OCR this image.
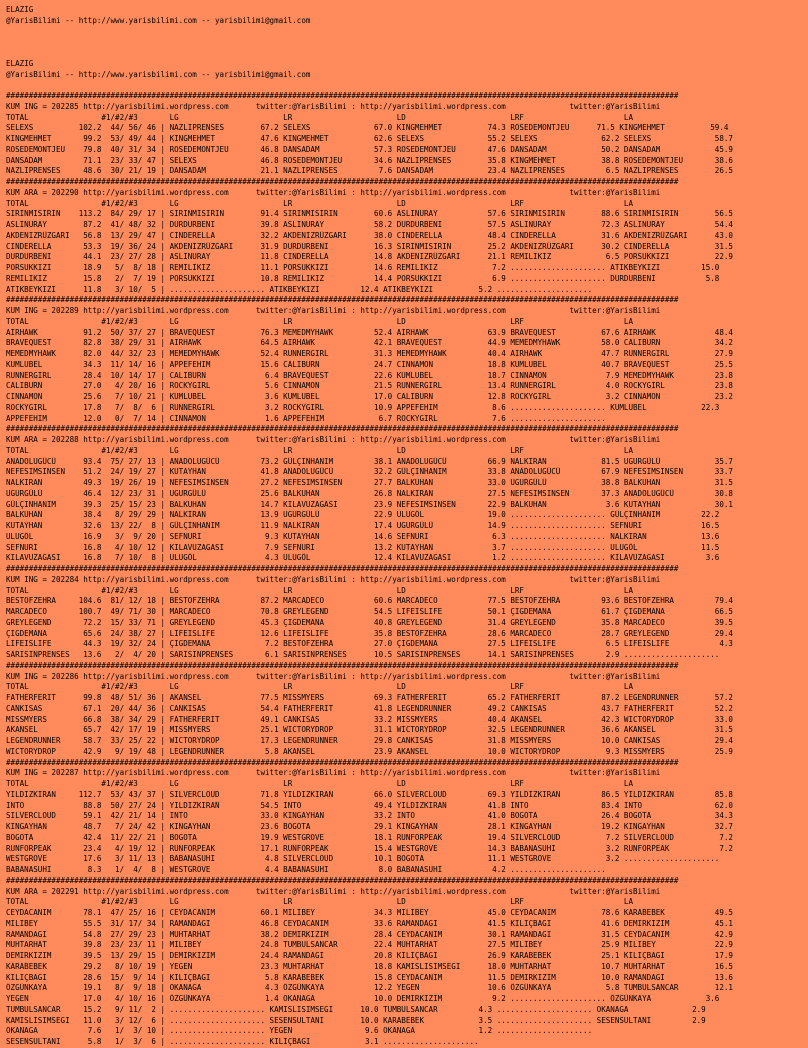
ELAZIG
@YarisBilimi -- http://www.yarisbilimi.com -- yarisbilimi@gmail.com
ELAZIG
@YarisBilimi -- http://www.yarisbilimi.com -- yarisbilimi@gmail.com
####################################################################################################################################################
KUM ING = 202285 http://yarisbilimi.wordpress.com      twitter:@YarisBilimi : http://yarisbilimi.wordpress.com              twitter:@YarisBilimi
TOTAL                #1/#2/#3       LG                       LR                       LD                       LRF                      LA
SELEXS          102.2  44/ 56/ 46 | NAZLIPRENSES        67.2 SELEXS              67.0 KINGMEHMET          74.3 ROSEDEMONTJEU      71.5 KINGMEHMET          59.4
KINGMEHMET       99.2  53/ 49/ 44 | KINGMEHMET          47.6 KINGMEHMET          62.6 SELEXS              55.2 SELEXS              62.2 SELEXS              58.7
ROSEDEMONTJEU    79.8  40/ 31/ 34 | ROSEDEMONTJEU       46.8 DANSADAM            57.3 ROSEDEMONTJEU       47.6 DANSADAM            50.2 DANSADAM            45.9
DANSADAM         71.1  23/ 33/ 47 | SELEXS              46.8 ROSEDEMONTJEU       34.6 NAZLIPRENSES        35.8 KINGMEHMET          38.8 ROSEDEMONTJEU       38.6
NAZLIPRENSES     48.6  30/ 21/ 19 | DANSADAM            21.1 NAZLIPRENSES         7.6 DANSADAM            23.4 NAZLIPRENSES         6.5 NAZLIPRENSES        26.5
####################################################################################################################################################
KUM ARA = 202290 http://yarisbilimi.wordpress.com      twitter:@YarisBilimi : http://yarisbilimi.wordpress.com              twitter:@YarisBilimi
TOTAL                #1/#2/#3       LG                       LR                       LD                       LRF                      LA
SIRINMISIRIN    113.2  84/ 29/ 17 | SIRINMISIRIN        91.4 SIRINMISIRIN        60.6 ASLINURAY           57.6 SIRINMISIRIN        88.6 SIRINMISIRIN        56.5
ASLINURAY        87.2  41/ 48/ 32 | DURDURBENI          39.8 ASLINURAY           58.2 DURDURBENI          57.5 ASLINURAY           72.3 ASLINURAY           54.4
AKDENIZRÜZGARI   56.8  13/ 29/ 47 | CINDERELLA          32.2 AKDENIZRÜZGARI      38.0 CINDERELLA          48.4 CINDERELLA          31.6 AKDENIZRÜZGARI      43.0
CINDERELLA       53.3  19/ 36/ 24 | AKDENIZRÜZGARI      31.9 DURDURBENI          16.3 SIRINMISIRIN        25.2 AKDENIZRÜZGARI      30.2 CINDERELLA          31.5
DURDURBENI       44.1  23/ 27/ 28 | ASLINURAY           11.8 CINDERELLA          14.8 AKDENIZRÜZGARI      21.1 REMILIKIZ            6.5 PORSUKKIZI          22.9
PORSUKKIZI       18.9   5/  8/ 18 | REMILIKIZ           11.1 PORSUKKIZI          14.6 REMILIKIZ            7.2 ..................... ATIKBEYKIZI         15.0
REMILIKIZ        15.8   2/  7/ 19 | PORSUKKIZI          10.8 REMILIKIZ           14.4 PORSUKKIZI           6.9 ..................... DURDURBENI           5.8
ATIKBEYKIZI      11.8   3/ 10/  5 | ..................... ATIKBEYKIZI         12.4 ATIKBEYKIZI          5.2 .....................
####################################################################################################################################################
KUM ING = 202289 http://yarisbilimi.wordpress.com      twitter:@YarisBilimi : http://yarisbilimi.wordpress.com              twitter:@YarisBilimi
TOTAL                #1/#2/#3       LG                       LR                       LD                       LRF                      LA
AIRHAWK          91.2  50/ 37/ 27 | BRAVEQUEST          76.3 MEMEDMYHAWK         52.4 AIRHAWK             63.9 BRAVEQUEST          67.6 AIRHAWK             48.4
BRAVEQUEST       82.8  38/ 29/ 31 | AIRHAWK             64.5 AIRHAWK             42.1 BRAVEQUEST          44.9 MEMEDMYHAWK         58.0 CALIBURN            34.2
MEMEDMYHAWK      82.0  44/ 32/ 23 | MEMEDMYHAWK         52.4 RUNNERGIRL          31.3 MEMEDMYHAWK         40.4 AIRHAWK             47.7 RUNNERGIRL          27.9
KUMLUBEL         34.3  11/ 14/ 16 | APPEFEHIM           15.6 CALIBURN            24.7 CINNAMON            18.8 KUMLUBEL            40.7 BRAVEQUEST          25.5
RUNNERGIRL       28.4  10/ 14/ 17 | CALIBURN             6.4 BRAVEQUEST          22.6 KUMLUBEL            18.7 CINNAMON             7.9 MEMEDMYHAWK         23.8
CALIBURN         27.0   4/ 20/ 16 | ROCKYGIRL            5.6 CINNAMON            21.5 RUNNERGIRL          13.4 RUNNERGIRL           4.0 ROCKYGIRL           23.8
CINNAMON         25.6   7/ 10/ 21 | KUMLUBEL             3.6 KUMLUBEL            17.0 CALIBURN            12.8 ROCKYGIRL            3.2 CINNAMON            23.2
ROCKYGIRL        17.8   7/  8/  6 | RUNNERGIRL           3.2 ROCKYGIRL           10.9 APPEFEHIM            8.6 ..................... KUMLUBEL            22.3
APPEFEHIM        12.0   0/  7/ 14 | CINNAMON             1.6 APPEFEHIM            6.7 ROCKYGIRL            7.6 .....................
####################################################################################################################################################
KUM ARA = 202288 http://yarisbilimi.wordpress.com      twitter:@YarisBilimi : http://yarisbilimi.wordpress.com              twitter:@YarisBilimi
TOTAL                #1/#2/#3       LG                       LR                       LD                       LRF                      LA
ANADOLUGÜCÜ      93.4  75/ 27/ 13 | ANADOLUGÜCÜ         73.2 GÜLÇINHANIM         38.1 ANADOLUGÜCÜ         66.9 NALKIRAN            81.5 UGURGÜLÜ            35.7
NEFESIMSINSEN    51.2  24/ 19/ 27 | KUTAYHAN            41.8 ANADOLUGÜCÜ         32.2 GÜLÇINHANIM         33.8 ANADOLUGÜCÜ         67.9 NEFESIMSINSEN       33.7
NALKIRAN         49.3  19/ 26/ 19 | NEFESIMSINSEN       27.2 NEFESIMSINSEN       27.7 BALKUHAN            33.0 UGURGÜLÜ            38.8 BALKUHAN            31.5
UGURGÜLÜ         46.4  12/ 23/ 31 | UGURGÜLÜ            25.6 BALKUHAN            26.8 NALKIRAN            27.5 NEFESIMSINSEN       37.3 ANADOLUGÜCÜ         30.8
GÜLÇINHANIM      39.3  25/ 15/ 23 | BALKUHAN            14.7 KILAVUZAGASI        23.9 NEFESIMSINSEN       22.9 BALKUHAN             3.6 KUTAYHAN            30.1
BALKUHAN         38.4   8/ 29/ 29 | NALKIRAN            13.9 UGURGÜLÜ            22.9 ULUGÖL              19.0 ..................... GÜLÇINHANIM         22.2
KUTAYHAN         32.6  13/ 22/  8 | GÜLÇINHANIM         11.9 NALKIRAN            17.4 UGURGÜLÜ            14.9 ..................... SEFNURI             16.5
ULUGÖL           16.9   3/  9/ 20 | SEFNURI              9.3 KUTAYHAN            14.6 SEFNURI              6.3 ..................... NALKIRAN            13.6
SEFNURI          16.8   4/ 10/ 12 | KILAVUZAGASI         7.9 SEFNURI             13.2 KUTAYHAN             3.7 ..................... ULUGÖL              11.5
KILAVUZAGASI     16.8   7/ 10/  8 | ULUGÖL               4.3 ULUGÖL              12.4 KILAVUZAGASI         1.2 ..................... KILAVUZAGASI         3.6
####################################################################################################################################################
KUM ING = 202284 http://yarisbilimi.wordpress.com      twitter:@YarisBilimi : http://yarisbilimi.wordpress.com              twitter:@YarisBilimi
TOTAL                #1/#2/#3       LG                       LR                       LD                       LRF                      LA
BESTOFZEHRA     104.6  81/ 12/ 18 | BESTOFZEHRA         87.2 MARCADECO           60.6 MARCADECO           77.5 BESTOFZEHRA         93.6 BESTOFZEHRA         79.4
MARCADECO       100.7  49/ 71/ 30 | MARCADECO           70.8 GREYLEGEND          54.5 LIFEISLIFE          50.1 ÇIGDEMANA           61.7 ÇIGDEMANA           66.5
GREYLEGEND       72.2  15/ 33/ 71 | GREYLEGEND          45.3 ÇIGDEMANA           40.8 GREYLEGEND          31.4 GREYLEGEND          35.8 MARCADECO           39.5
ÇIGDEMANA        65.6  24/ 38/ 27 | LIFEISLIFE          12.6 LIFEISLIFE          35.8 BESTOFZEHRA         28.6 MARCADECO           28.7 GREYLEGEND          29.4
LIFEISLIFE       44.3  19/ 32/ 24 | ÇIGDEMANA            7.2 BESTOFZEHRA         27.0 ÇIGDEMANA           27.5 LIFEISLIFE           6.5 LIFEISLIFE           4.3
SARISINPRENSES   13.6   2/  4/ 20 | SARISINPRENSES       6.1 SARISINPRENSES      10.5 SARISINPRENSES      14.1 SARISINPRENSES       2.9 .....................
####################################################################################################################################################
KUM ING = 202286 http://yarisbilimi.wordpress.com      twitter:@YarisBilimi : http://yarisbilimi.wordpress.com              twitter:@YarisBilimi
TOTAL                #1/#2/#3       LG                       LR                       LD                       LRF                      LA
FATHERFERIT      99.8  48/ 51/ 36 | AKANSEL             77.5 MISSMYERS           69.3 FATHERFERIT         65.2 FATHERFERIT         87.2 LEGENDRUNNER        57.2
CANKISAS         67.1  20/ 44/ 36 | CANKISAS            54.4 FATHERFERIT         41.8 LEGENDRUNNER        49.2 CANKISAS            43.7 FATHERFERIT         52.2
MISSMYERS        66.8  38/ 34/ 29 | FATHERFERIT         49.1 CANKISAS            33.2 MISSMYERS           40.4 AKANSEL             42.3 WICTORYDROP         33.0
AKANSEL          65.7  42/ 17/ 19 | MISSMYERS           25.1 WICTORYDROP         31.1 WICTORYDROP         32.5 LEGENDRUNNER        36.6 AKANSEL             31.5
LEGENDRUNNER     58.7  33/ 25/ 22 | WICTORYDROP         17.3 LEGENDRUNNER        29.8 CANKISAS            31.8 MISSMYERS           10.0 CANKISAS            29.4
WICTORYDROP      42.9   9/ 19/ 48 | LEGENDRUNNER         5.8 AKANSEL             23.9 AKANSEL             10.0 WICTORYDROP          9.3 MISSMYERS           25.9
####################################################################################################################################################
KUM ING = 202287 http://yarisbilimi.wordpress.com      twitter:@YarisBilimi : http://yarisbilimi.wordpress.com              twitter:@YarisBilimi
TOTAL                #1/#2/#3       LG                       LR                       LD                       LRF                      LA
YILDIZKIRAN     112.7  53/ 43/ 37 | SILVERCLOUD         71.8 YILDIZKIRAN         66.0 SILVERCLOUD         69.3 YILDIZKIRAN         86.5 YILDIZKIRAN         85.8
INTO             88.8  50/ 27/ 24 | YILDIZKIRAN         54.5 INTO                49.4 YILDIZKIRAN         41.8 INTO                83.4 INTO                62.0
SILVERCLOUD      59.1  42/ 21/ 14 | INTO                33.0 KINGAYHAN           33.2 INTO                41.0 BOGOTA              26.4 BOGOTA              34.3
KINGAYHAN        48.7   7/ 24/ 42 | KINGAYHAN           23.6 BOGOTA              29.1 KINGAYHAN           28.1 KINGAYHAN           19.2 KINGAYHAN           32.7
BOGOTA           42.4  11/ 22/ 21 | BOGOTA              19.9 WESTGROVE           18.1 RUNFORPEAK          19.4 SILVERCLOUD          7.2 SILVERCLOUD          7.2
RUNFORPEAK       23.4   4/ 19/ 12 | RUNFORPEAK          17.1 RUNFORPEAK          15.4 WESTGROVE           14.3 BABANASUHI           3.2 RUNFORPEAK           7.2
WESTGROVE        17.6   3/ 11/ 13 | BABANASUHI           4.8 SILVERCLOUD         10.1 BOGOTA              11.1 WESTGROVE            3.2 .....................
BABANASUHI        8.3   1/  4/  8 | WESTGROVE            4.4 BABANASUHI           8.0 BABANASUHI           4.2 .....................
####################################################################################################################################################
KUM ARA = 202291 http://yarisbilimi.wordpress.com      twitter:@YarisBilimi : http://yarisbilimi.wordpress.com              twitter:@YarisBilimi
TOTAL                #1/#2/#3       LG                       LR                       LD                       LRF                      LA
CEYDACANIM       78.1  47/ 25/ 16 | CEYDACANIM          60.1 MILIBEY             34.3 MILIBEY             45.0 CEYDACANIM          78.6 KARABEBEK           49.5
MILIBEY          55.5  31/ 17/ 34 | RAMANDAGI           46.8 CEYDACANIM          33.6 RAMANDAGI           41.5 KILIÇBAGI           41.6 DEMIRKIZIM          45.1
RAMANDAGI        54.8  27/ 29/ 23 | MUHTARHAT           38.2 DEMIRKIZIM          28.4 CEYDACANIM          30.1 RAMANDAGI           31.5 CEYDACANIM          42.9
MUHTARHAT        39.8  23/ 23/ 11 | MILIBEY             24.8 TUMBULSANCAR        22.4 MUHTARHAT           27.5 MILIBEY             25.9 MILIBEY             22.9
DEMIRKIZIM       39.5  13/ 29/ 15 | DEMIRKIZIM          24.4 RAMANDAGI           20.8 KILIÇBAGI           26.9 KARABEBEK           25.1 KILIÇBAGI           17.9
KARABEBEK        29.2   8/ 10/ 19 | YEGEN               23.3 MUHTARHAT           18.8 KAMISLISIMSEGI      18.0 MUHTARHAT           10.7 MUHTARHAT           16.5
KILIÇBAGI        28.6  15/  9/ 14 | KILIÇBAGI            5.8 KARABEBEK           15.8 CEYDACANIM          11.5 DEMIRKIZIM          10.0 RAMANDAGI           13.6
ÖZGÜNKAYA        19.1   8/  9/ 18 | OKANAGA              4.3 ÖZGÜNKAYA           12.2 YEGEN               10.6 ÖZGÜNKAYA            5.8 TUMBULSANCAR        12.1
YEGEN            17.0   4/ 10/ 16 | ÖZGÜNKAYA            1.4 OKANAGA             10.0 DEMIRKIZIM           9.2 ..................... ÖZGÜNKAYA            3.6
TUMBULSANCAR     15.2   9/ 11/  2 | ..................... KAMISLISIMSEGI      10.0 TUMBULSANCAR         4.3 ..................... OKANAGA              2.9
KAMISLISIMSEGI   11.0   3/ 12/  6 | ..................... SESENSULTANI        10.0 KARABEBEK            3.5 ..................... SESENSULTANI         2.9
OKANAGA           7.6   1/  3/ 10 | ..................... YEGEN                9.6 OKANAGA              1.2 .....................
SESENSULTANI      5.8   1/  3/  6 | ..................... KILIÇBAGI            3.1 .....................
